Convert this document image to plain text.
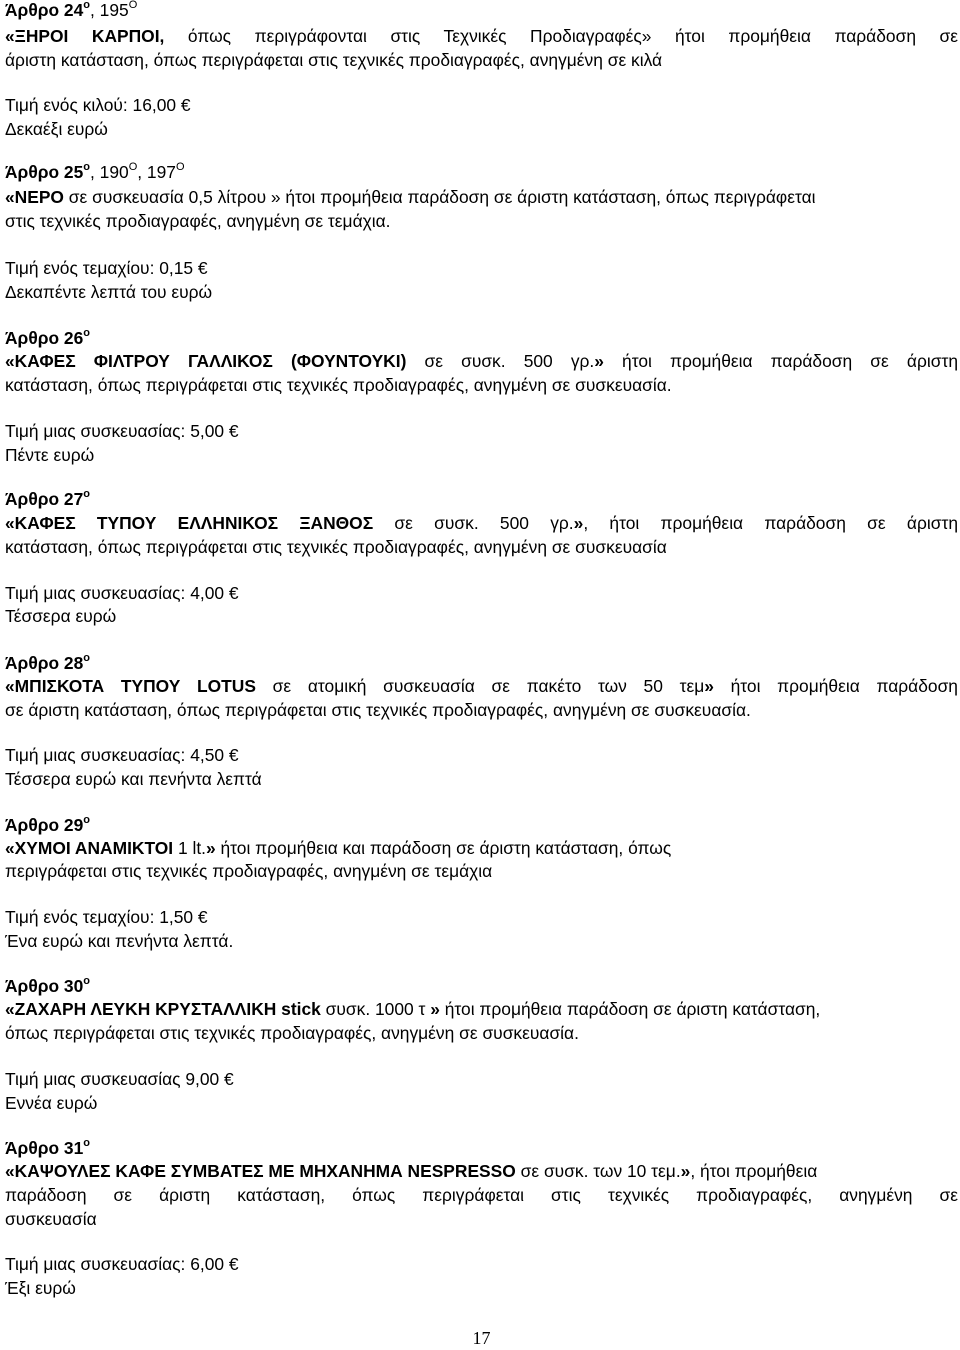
Άρθρο $24^o$, $195^O$
«ΞΗΡΟΙ ΚΑΡΠΟΙ, όπως περιγράφονται στις Τεχνικές Προδιαγραφές» ήτοι προμήθεια παράδοση σε
άριστη κατάσταση, όπως περιγράφεται στις τεχνικές προδιαγραφές, ανηγμένη σε κιλά
Τιμή ενός κιλού: 16,00 €
Δεκαέξι ευρώ
Άρθρο $25^o$, $190^O$, $197^O$
«ΝΕΡΟ σε συσκευασία 0,5 λίτρου » ήτοι προμήθεια παράδοση σε άριστη κατάσταση, όπως περιγράφεται
στις τεχνικές προδιαγραφές, ανηγμένη σε τεμάχια.
Τιμή ενός τεμαχίου: 0,15 €
Δεκαπέντε λεπτά του ευρώ
Άρθρο $26^o$
«ΚΑΦΕΣ ΦΙΛΤΡΟΥ ΓΑΛΛΙΚΟΣ (ΦΟΥΝΤΟΥΚΙ) σε συσκ. 500 γρ.» ήτοι προμήθεια παράδοση σε άριστη
κατάσταση, όπως περιγράφεται στις τεχνικές προδιαγραφές, ανηγμένη σε συσκευασία.
Τιμή μιας συσκευασίας: 5,00 €
Πέντε ευρώ
Άρθρο $27^o$
«ΚΑΦΕΣ ΤΥΠΟΥ ΕΛΛΗΝΙΚΟΣ ΞΑΝΘΟΣ σε συσκ. 500 γρ.», ήτοι προμήθεια παράδοση σε άριστη
κατάσταση, όπως περιγράφεται στις τεχνικές προδιαγραφές, ανηγμένη σε συσκευασία
Τιμή μιας συσκευασίας: 4,00 €
Τέσσερα ευρώ
Άρθρο $28^o$
«ΜΠΙΣΚΟΤΑ ΤΥΠΟΥ LOTUS σε ατομική συσκευασία σε πακέτο των 50 τεμ» ήτοι προμήθεια παράδοση
σε άριστη κατάσταση, όπως περιγράφεται στις τεχνικές προδιαγραφές, ανηγμένη σε συσκευασία.
Τιμή μιας συσκευασίας: 4,50 €
Τέσσερα ευρώ και πενήντα λεπτά
Άρθρο $29^o$
«ΧΥΜΟΙ ΑΝΑΜΙΚΤΟΙ 1 lt.» ήτοι προμήθεια και παράδοση σε άριστη κατάσταση, όπως
περιγράφεται στις τεχνικές προδιαγραφές, ανηγμένη σε τεμάχια
Τιμή ενός τεμαχίου: 1,50 €
Ένα ευρώ και πενήντα λεπτά.
Άρθρο $30^o$
«ΖΑΧΑΡΗ ΛΕΥΚΗ ΚΡΥΣΤΑΛΛΙΚΗ stick συσκ. 1000 τ » ήτοι προμήθεια παράδοση σε άριστη κατάσταση,
όπως περιγράφεται στις τεχνικές προδιαγραφές, ανηγμένη σε συσκευασία.
Τιμή μιας συσκευασίας 9,00 €
Εννέα ευρώ
Άρθρο $31^o$
«ΚΑΨΟΥΛΕΣ ΚΑΦΕ ΣΥΜΒΑΤΕΣ ΜΕ ΜΗΧΑΝΗΜΑ NESPRESSO σε συσκ. των 10 τεμ.», ήτοι προμήθεια
παράδοση σε άριστη κατάσταση, όπως περιγράφεται στις τεχνικές προδιαγραφές, ανηγμένη σε
συσκευασία
Τιμή μιας συσκευασίας: 6,00 €
Έξι ευρώ
17
